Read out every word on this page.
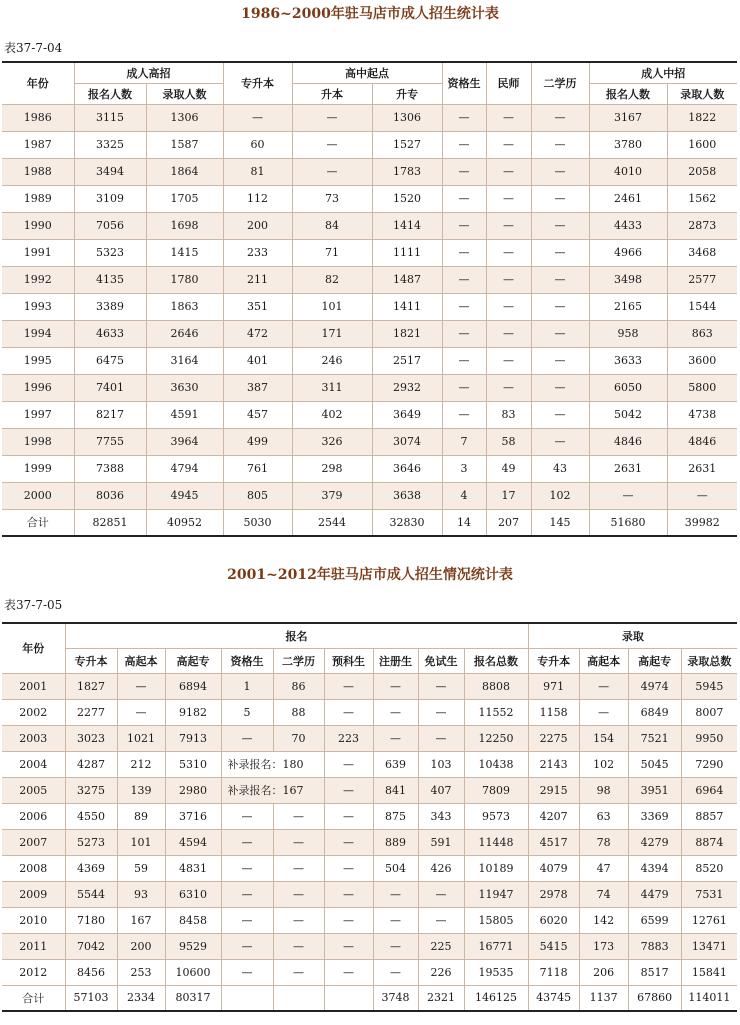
1986~2000年驻马店市成人招生统计表
表37-7-04
年份	成人高招		专升本	高中起点		资格生	民师	二学历	成人中招	
	报名人数	录取人数		升本	升专				报名人数	录取人数
1986	3115	1306	—	—	1306	—	—	—	3167	1822
1987	3325	1587	60	—	1527	—	—	—	3780	1600
1988	3494	1864	81	—	1783	—	—	—	4010	2058
1989	3109	1705	112	73	1520	—	—	—	2461	1562
1990	7056	1698	200	84	1414	—	—	—	4433	2873
1991	5323	1415	233	71	1111	—	—	—	4966	3468
1992	4135	1780	211	82	1487	—	—	—	3498	2577
1993	3389	1863	351	101	1411	—	—	—	2165	1544
1994	4633	2646	472	171	1821	—	—	—	958	863
1995	6475	3164	401	246	2517	—	—	—	3633	3600
1996	7401	3630	387	311	2932	—	—	—	6050	5800
1997	8217	4591	457	402	3649	—	83	—	5042	4738
1998	7755	3964	499	326	3074	7	58	—	4846	4846
1999	7388	4794	761	298	3646	3	49	43	2631	2631
2000	8036	4945	805	379	3638	4	17	102	—	—
合计	82851	40952	5030	2544	32830	14	207	145	51680	39982
2001~2012年驻马店市成人招生情况统计表
表37-7-05
年份	报名									录取			
	专升本	高起本	高起专	资格生	二学历	预科生	注册生	免试生	报名总数	专升本	高起本	高起专	录取总数
2001	1827	—	6894	1	86	—	—	—	8808	971	—	4974	5945
2002	2277	—	9182	5	88	—	—	—	11552	1158	—	6849	8007
2003	3023	1021	7913	—	70	223	—	—	12250	2275	154	7521	9950
2004	4287	212	5310	补录报名：180		—	639	103	10438	2143	102	5045	7290
2005	3275	139	2980	补录报名：167		—	841	407	7809	2915	98	3951	6964
2006	4550	89	3716	—	—	—	875	343	9573	4207	63	3369	8857
2007	5273	101	4594	—	—	—	889	591	11448	4517	78	4279	8874
2008	4369	59	4831	—	—	—	504	426	10189	4079	47	4394	8520
2009	5544	93	6310	—	—	—	—	—	11947	2978	74	4479	7531
2010	7180	167	8458	—	—	—	—	—	15805	6020	142	6599	12761
2011	7042	200	9529	—	—	—	—	225	16771	5415	173	7883	13471
2012	8456	253	10600	—	—	—	—	226	19535	7118	206	8517	15841
合计	57103	2334	80317				3748	2321	146125	43745	1137	67860	114011
